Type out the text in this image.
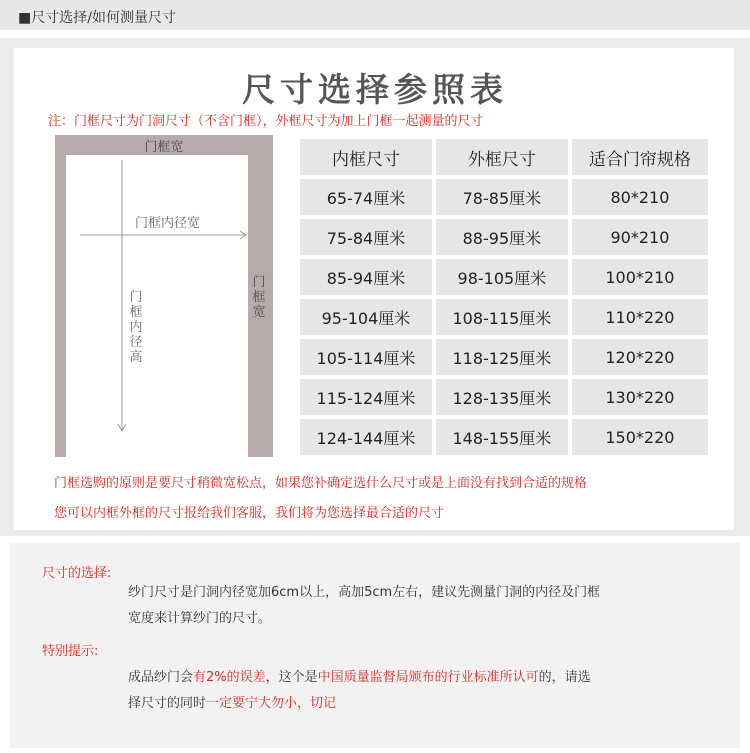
■尺寸选择/如何测量尺寸
尺寸选择参照表
注：门框尺寸为门洞尺寸（不含门框），外框尺寸为加上门框一起测量的尺寸
门框宽
门框宽
门框内径宽
门框内径高
内框尺寸	外框尺寸	适合门帘规格
65-74厘米	78-85厘米	80*210
75-84厘米	88-95厘米	90*210
85-94厘米	98-105厘米	100*210
95-104厘米	108-115厘米	110*220
105-114厘米	118-125厘米	120*220
115-124厘米	128-135厘米	130*220
124-144厘米	148-155厘米	150*220
门框选购的原则是要尺寸稍微宽松点，如果您补确定选什么尺寸或是上面没有找到合适的规格
您可以内框外框的尺寸报给我们客服，我们将为您选择最合适的尺寸
尺寸的选择:
纱门尺寸是门洞内径宽加6cm以上，高加5cm左右，建议先测量门洞的内径及门框
宽度来计算纱门的尺寸。
特别提示:
成品纱门会有2%的误差，这个是中国质量监督局颁布的行业标准所认可的，请选
择尺寸的同时一定要宁大勿小，切记
